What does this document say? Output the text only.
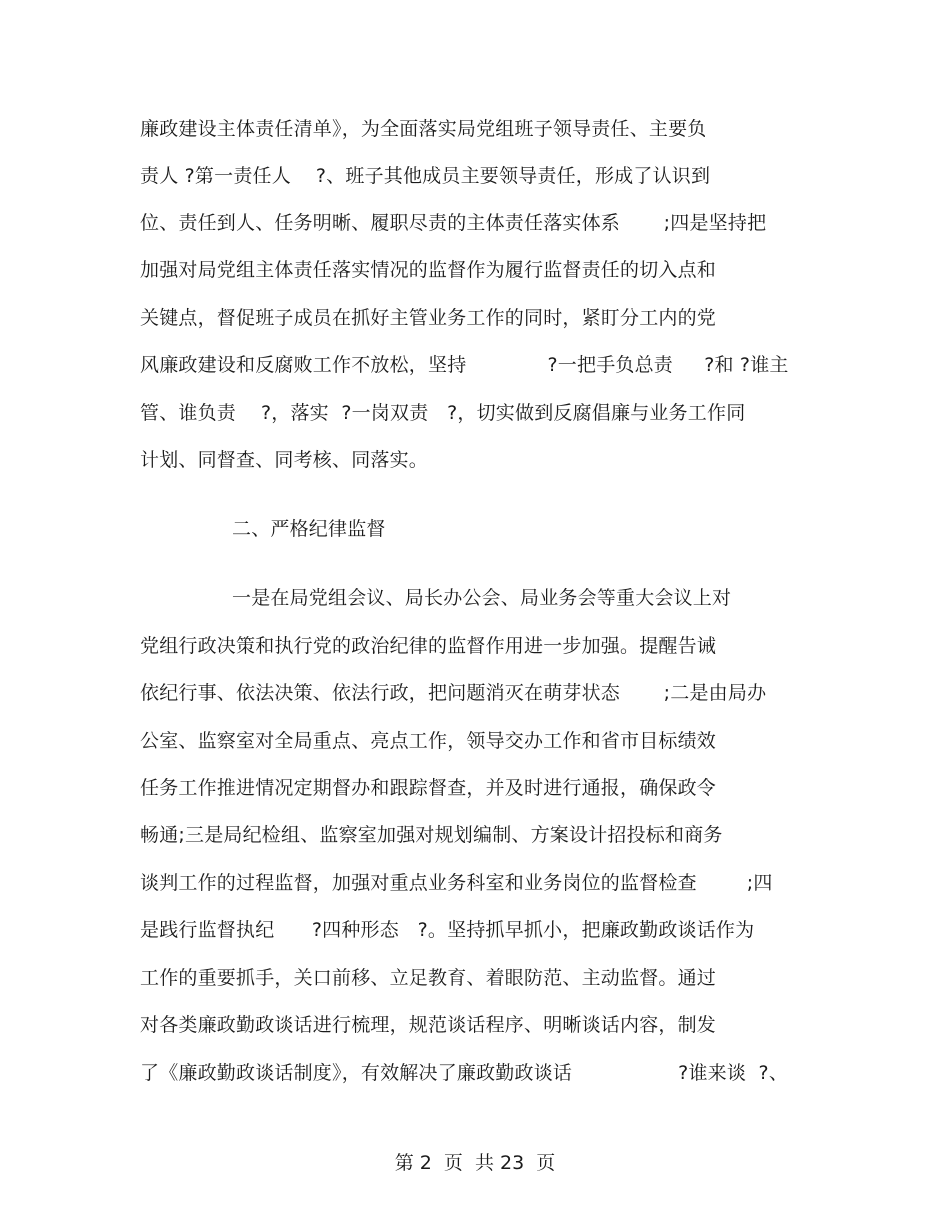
廉政建设主体责任清单》，为全面落实局党组班子领导责任、主要负
责人 ?第一责任人    ?、班子其他成员主要领导责任，形成了认识到
位、责任到人、任务明晰、履职尽责的主体责任落实体系       ;四是坚持把
加强对局党组主体责任落实情况的监督作为履行监督责任的切入点和
关键点，督促班子成员在抓好主管业务工作的同时，紧盯分工内的党
风廉政建设和反腐败工作不放松，坚持             ?一把手负总责     ?和 ?谁主
管、谁负责    ?，落实  ?一岗双责   ?，切实做到反腐倡廉与业务工作同
计划、同督查、同考核、同落实。
二、严格纪律监督
一是在局党组会议、局长办公会、局业务会等重大会议上对
党组行政决策和执行党的政治纪律的监督作用进一步加强。提醒告诫
依纪行事、依法决策、依法行政，把问题消灭在萌芽状态       ;二是由局办
公室、监察室对全局重点、亮点工作，领导交办工作和省市目标绩效
任务工作推进情况定期督办和跟踪督查，并及时进行通报，确保政令
畅通;三是局纪检组、监察室加强对规划编制、方案设计招投标和商务
谈判工作的过程监督，加强对重点业务科室和业务岗位的监督检查        ;四
是践行监督执纪      ?四种形态   ?。坚持抓早抓小，把廉政勤政谈话作为
工作的重要抓手，关口前移、立足教育、着眼防范、主动监督。通过
对各类廉政勤政谈话进行梳理，规范谈话程序、明晰谈话内容，制发
了《廉政勤政谈话制度》，有效解决了廉政勤政谈话                 ?谁来谈  ?、
第 2  页  共 23  页
